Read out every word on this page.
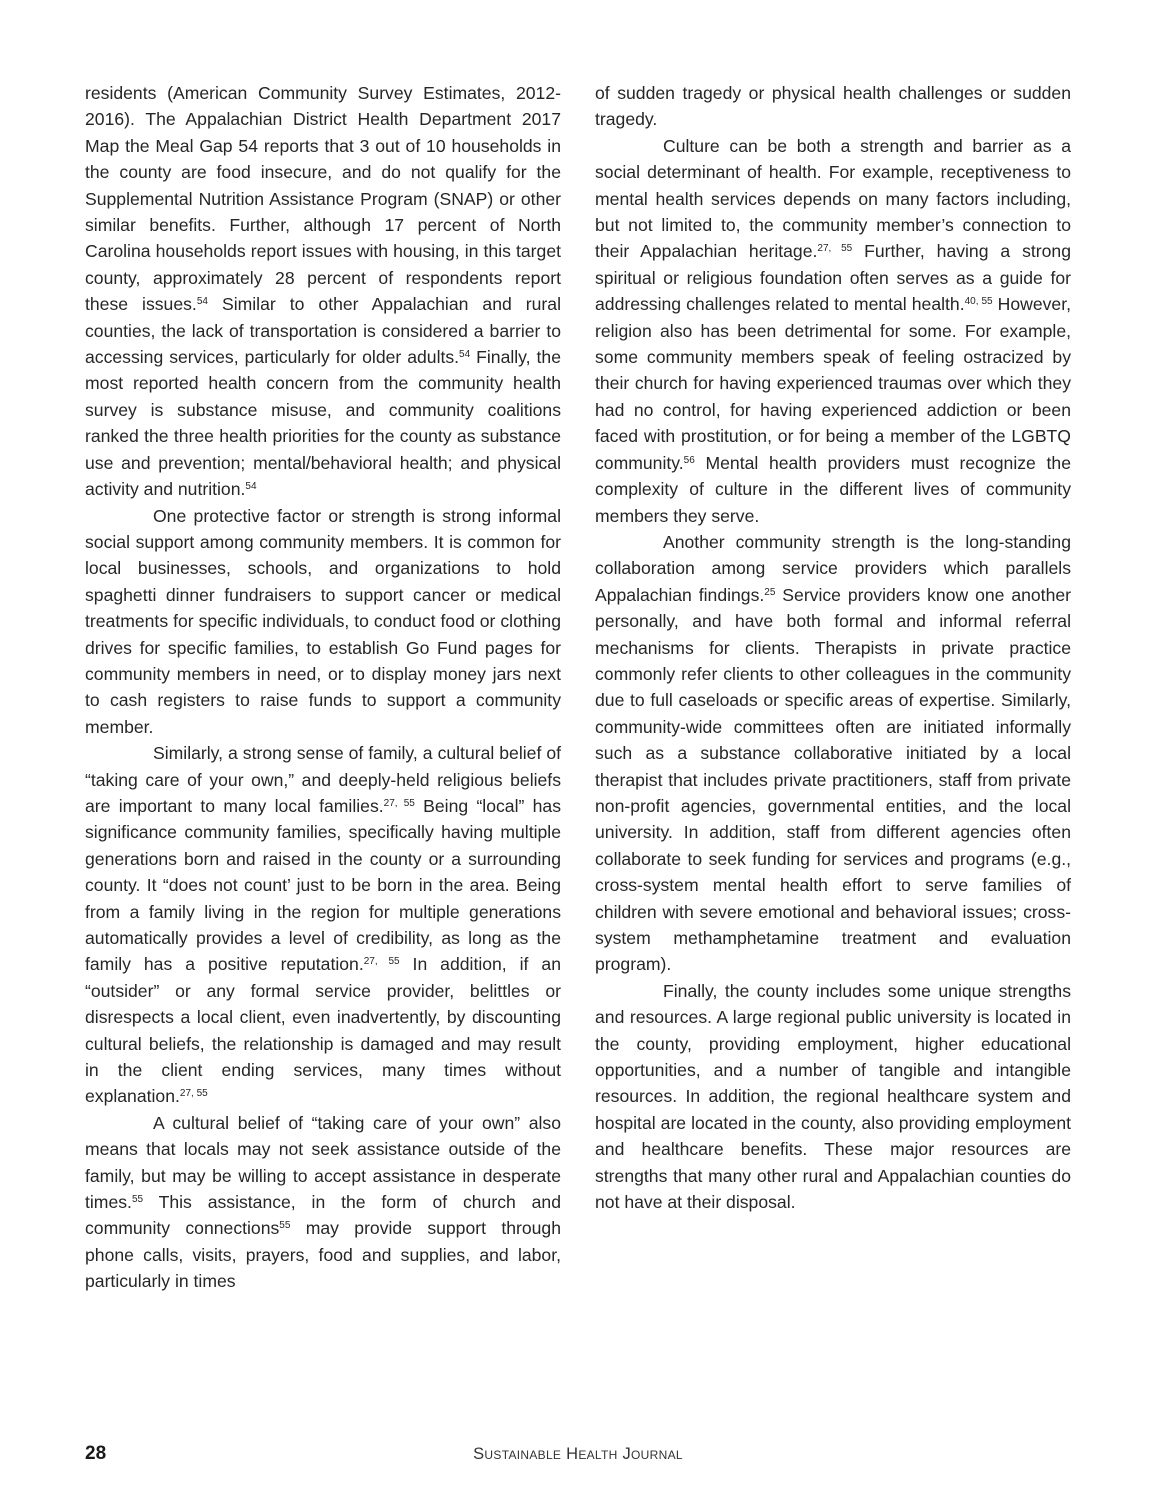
residents (American Community Survey Estimates, 2012-2016). The Appalachian District Health Department 2017 Map the Meal Gap 54 reports that 3 out of 10 households in the county are food insecure, and do not qualify for the Supplemental Nutrition Assistance Program (SNAP) or other similar benefits. Further, although 17 percent of North Carolina households report issues with housing, in this target county, approximately 28 percent of respondents report these issues.$^{54}$ Similar to other Appalachian and rural counties, the lack of transportation is considered a barrier to accessing services, particularly for older adults.$^{54}$ Finally, the most reported health concern from the community health survey is substance misuse, and community coalitions ranked the three health priorities for the county as substance use and prevention; mental/behavioral health; and physical activity and nutrition.$^{54}$

One protective factor or strength is strong informal social support among community members. It is common for local businesses, schools, and organizations to hold spaghetti dinner fundraisers to support cancer or medical treatments for specific individuals, to conduct food or clothing drives for specific families, to establish Go Fund pages for community members in need, or to display money jars next to cash registers to raise funds to support a community member.

Similarly, a strong sense of family, a cultural belief of “taking care of your own,” and deeply-held religious beliefs are important to many local families.$^{27, 55}$ Being “local” has significance community families, specifically having multiple generations born and raised in the county or a surrounding county. It “does not count’ just to be born in the area. Being from a family living in the region for multiple generations automatically provides a level of credibility, as long as the family has a positive reputation.$^{27, 55}$ In addition, if an “outsider” or any formal service provider, belittles or disrespects a local client, even inadvertently, by discounting cultural beliefs, the relationship is damaged and may result in the client ending services, many times without explanation.$^{27, 55}$

A cultural belief of “taking care of your own” also means that locals may not seek assistance outside of the family, but may be willing to accept assistance in desperate times.$^{55}$ This assistance, in the form of church and community connections$^{55}$ may provide support through phone calls, visits, prayers, food and supplies, and labor, particularly in times

of sudden tragedy or physical health challenges or sudden tragedy.

Culture can be both a strength and barrier as a social determinant of health. For example, receptiveness to mental health services depends on many factors including, but not limited to, the community member’s connection to their Appalachian heritage.$^{27, 55}$ Further, having a strong spiritual or religious foundation often serves as a guide for addressing challenges related to mental health.$^{40, 55}$ However, religion also has been detrimental for some. For example, some community members speak of feeling ostracized by their church for having experienced traumas over which they had no control, for having experienced addiction or been faced with prostitution, or for being a member of the LGBTQ community.$^{56}$ Mental health providers must recognize the complexity of culture in the different lives of community members they serve.

Another community strength is the long-standing collaboration among service providers which parallels Appalachian findings.$^{25}$ Service providers know one another personally, and have both formal and informal referral mechanisms for clients. Therapists in private practice commonly refer clients to other colleagues in the community due to full caseloads or specific areas of expertise. Similarly, community-wide committees often are initiated informally such as a substance collaborative initiated by a local therapist that includes private practitioners, staff from private non-profit agencies, governmental entities, and the local university. In addition, staff from different agencies often collaborate to seek funding for services and programs (e.g., cross-system mental health effort to serve families of children with severe emotional and behavioral issues; cross-system methamphetamine treatment and evaluation program).

Finally, the county includes some unique strengths and resources. A large regional public university is located in the county, providing employment, higher educational opportunities, and a number of tangible and intangible resources. In addition, the regional healthcare system and hospital are located in the county, also providing employment and healthcare benefits. These major resources are strengths that many other rural and Appalachian counties do not have at their disposal.

28	Sustainable Health Journal
